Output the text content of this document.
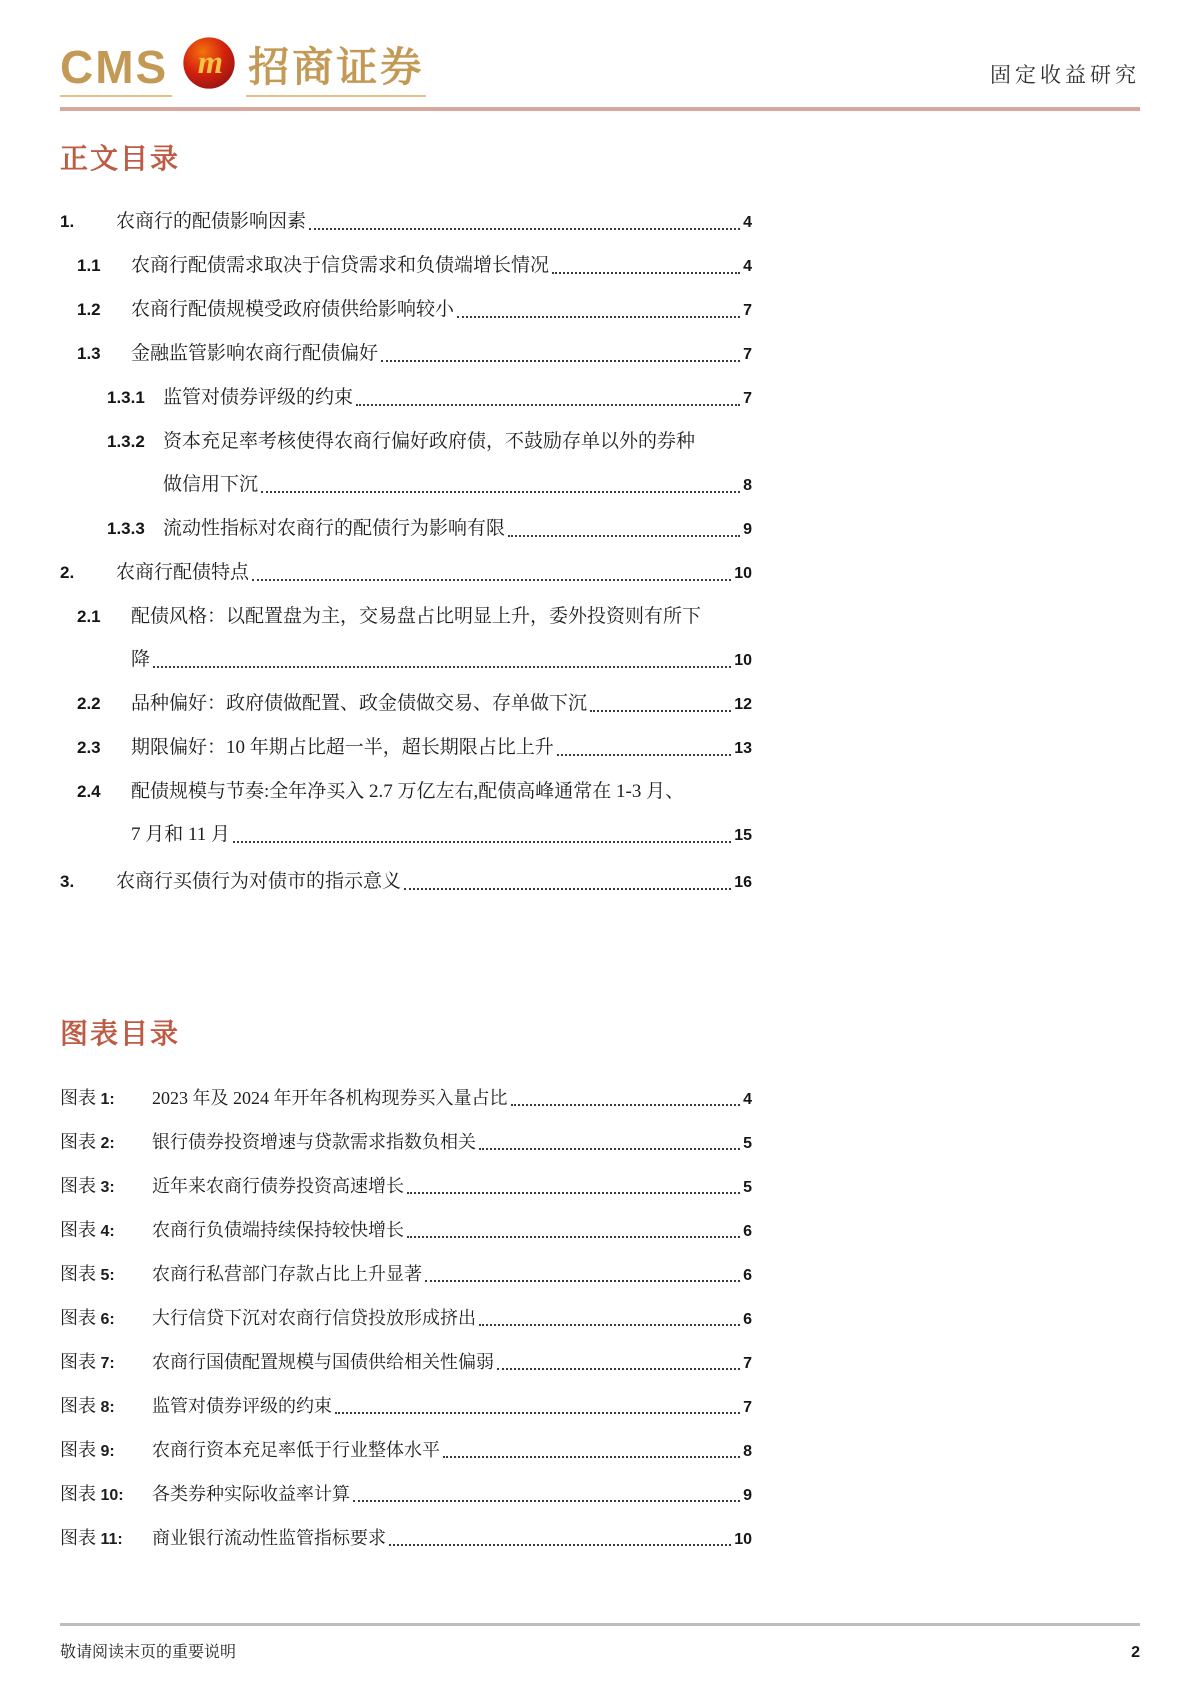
CMS m 招商证券	固定收益研究
正文目录
1.	农商行的配债影响因素	4
1.1	农商行配债需求取决于信贷需求和负债端增长情况	4
1.2	农商行配债规模受政府债供给影响较小	7
1.3	金融监管影响农商行配债偏好	7
1.3.1 监管对债券评级的约束	7
1.3.2 资本充足率考核使得农商行偏好政府债，不鼓励存单以外的券种
做信用下沉	8
1.3.3 流动性指标对农商行的配债行为影响有限	9
2.	农商行配债特点	10
2.1	配债风格：以配置盘为主，交易盘占比明显上升，委外投资则有所下
降	10
2.2	品种偏好：政府债做配置、政金债做交易、存单做下沉	12
2.3	期限偏好：10 年期占比超一半，超长期限占比上升	13
2.4	配债规模与节奏:全年净买入 2.7 万亿左右,配债高峰通常在 1-3 月、
7 月和 11 月	15
3.	农商行买债行为对债市的指示意义	16
图表目录
图表 1:	2023 年及 2024 年开年各机构现券买入量占比	4
图表 2:	银行债券投资增速与贷款需求指数负相关	5
图表 3:	近年来农商行债券投资高速增长	5
图表 4:	农商行负债端持续保持较快增长	6
图表 5:	农商行私营部门存款占比上升显著	6
图表 6:	大行信贷下沉对农商行信贷投放形成挤出	6
图表 7:	农商行国债配置规模与国债供给相关性偏弱	7
图表 8:	监管对债券评级的约束	7
图表 9:	农商行资本充足率低于行业整体水平	8
图表 10:	各类券种实际收益率计算	9
图表 11:	商业银行流动性监管指标要求	10
敬请阅读末页的重要说明	2
